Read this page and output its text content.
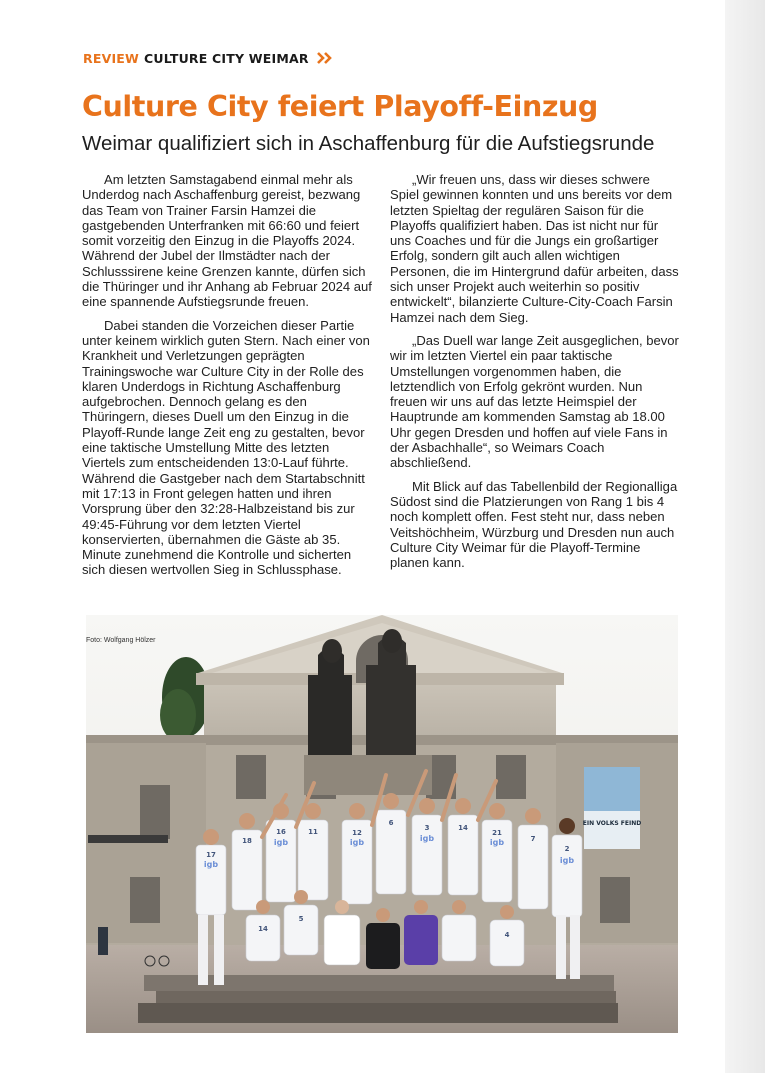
REVIEW CULTURE CITY WEIMAR
Culture City feiert Playoff-Einzug

Weimar qualifiziert sich in Aschaffenburg für die Aufstiegsrunde

Am letzten Samstagabend einmal mehr als Underdog nach Aschaffenburg gereist, bezwang das Team von Trainer Farsin Hamzei die gastgebenden Unterfranken mit 66:60 und feiert somit vorzeitig den Einzug in die Playoffs 2024. Während der Jubel der Ilmstädter nach der Schlusssirene keine Grenzen kannte, dürfen sich die Thüringer und ihr Anhang ab Februar 2024 auf eine spannende Aufstiegsrunde freuen.

Dabei standen die Vorzeichen dieser Partie unter keinem wirklich guten Stern. Nach einer von Krankheit und Verletzungen geprägten Trainingswoche war Culture City in der Rolle des klaren Underdogs in Richtung Aschaffenburg aufgebrochen. Dennoch gelang es den Thüringern, dieses Duell um den Einzug in die Playoff-Runde lange Zeit eng zu gestalten, bevor eine taktische Umstellung Mitte des letzten Viertels zum entscheidenden 13:0-Lauf führte. Während die Gastgeber nach dem Startabschnitt mit 17:13 in Front gelegen hatten und ihren Vorsprung über den 32:28-Halbzeistand bis zur 49:45-Führung vor dem letzten Viertel konservierten, übernahmen die Gäste ab 35. Minute zunehmend die Kontrolle und sicherten sich diesen wertvollen Sieg in Schlussphase.

„Wir freuen uns, dass wir dieses schwere Spiel gewinnen konnten und uns bereits vor dem letzten Spieltag der regulären Saison für die Playoffs qualifiziert haben. Das ist nicht nur für uns Coaches und für die Jungs ein großartiger Erfolg, sondern gilt auch allen wichtigen Personen, die im Hintergrund dafür arbeiten, dass sich unser Projekt auch weiterhin so positiv entwickelt“, bilanzierte Culture-City-Coach Farsin Hamzei nach dem Sieg.

„Das Duell war lange Zeit ausgeglichen, bevor wir im letzten Viertel ein paar taktische Umstellungen vorgenommen haben, die letztendlich von Erfolg gekrönt wurden. Nun freuen wir uns auf das letzte Heimspiel der Hauptrunde am kommenden Samstag ab 18.00 Uhr gegen Dresden und hoffen auf viele Fans in der Asbachhalle“, so Weimars Coach abschließend.

Mit Blick auf das Tabellenbild der Regionalliga Südost sind die Platzierungen von Rang 1 bis 4 noch komplett offen. Fest steht nur, dass neben Veitshöchheim, Würzburg und Dresden nun auch Culture City Weimar für die Playoff-Termine planen kann.

EIN VOLKS FEIND
igb
igb	igb	igb	igb
igb
17
18
16	11	12
6
3	14
21
7
2
14
5
4
Foto: Wolfgang Hölzer
